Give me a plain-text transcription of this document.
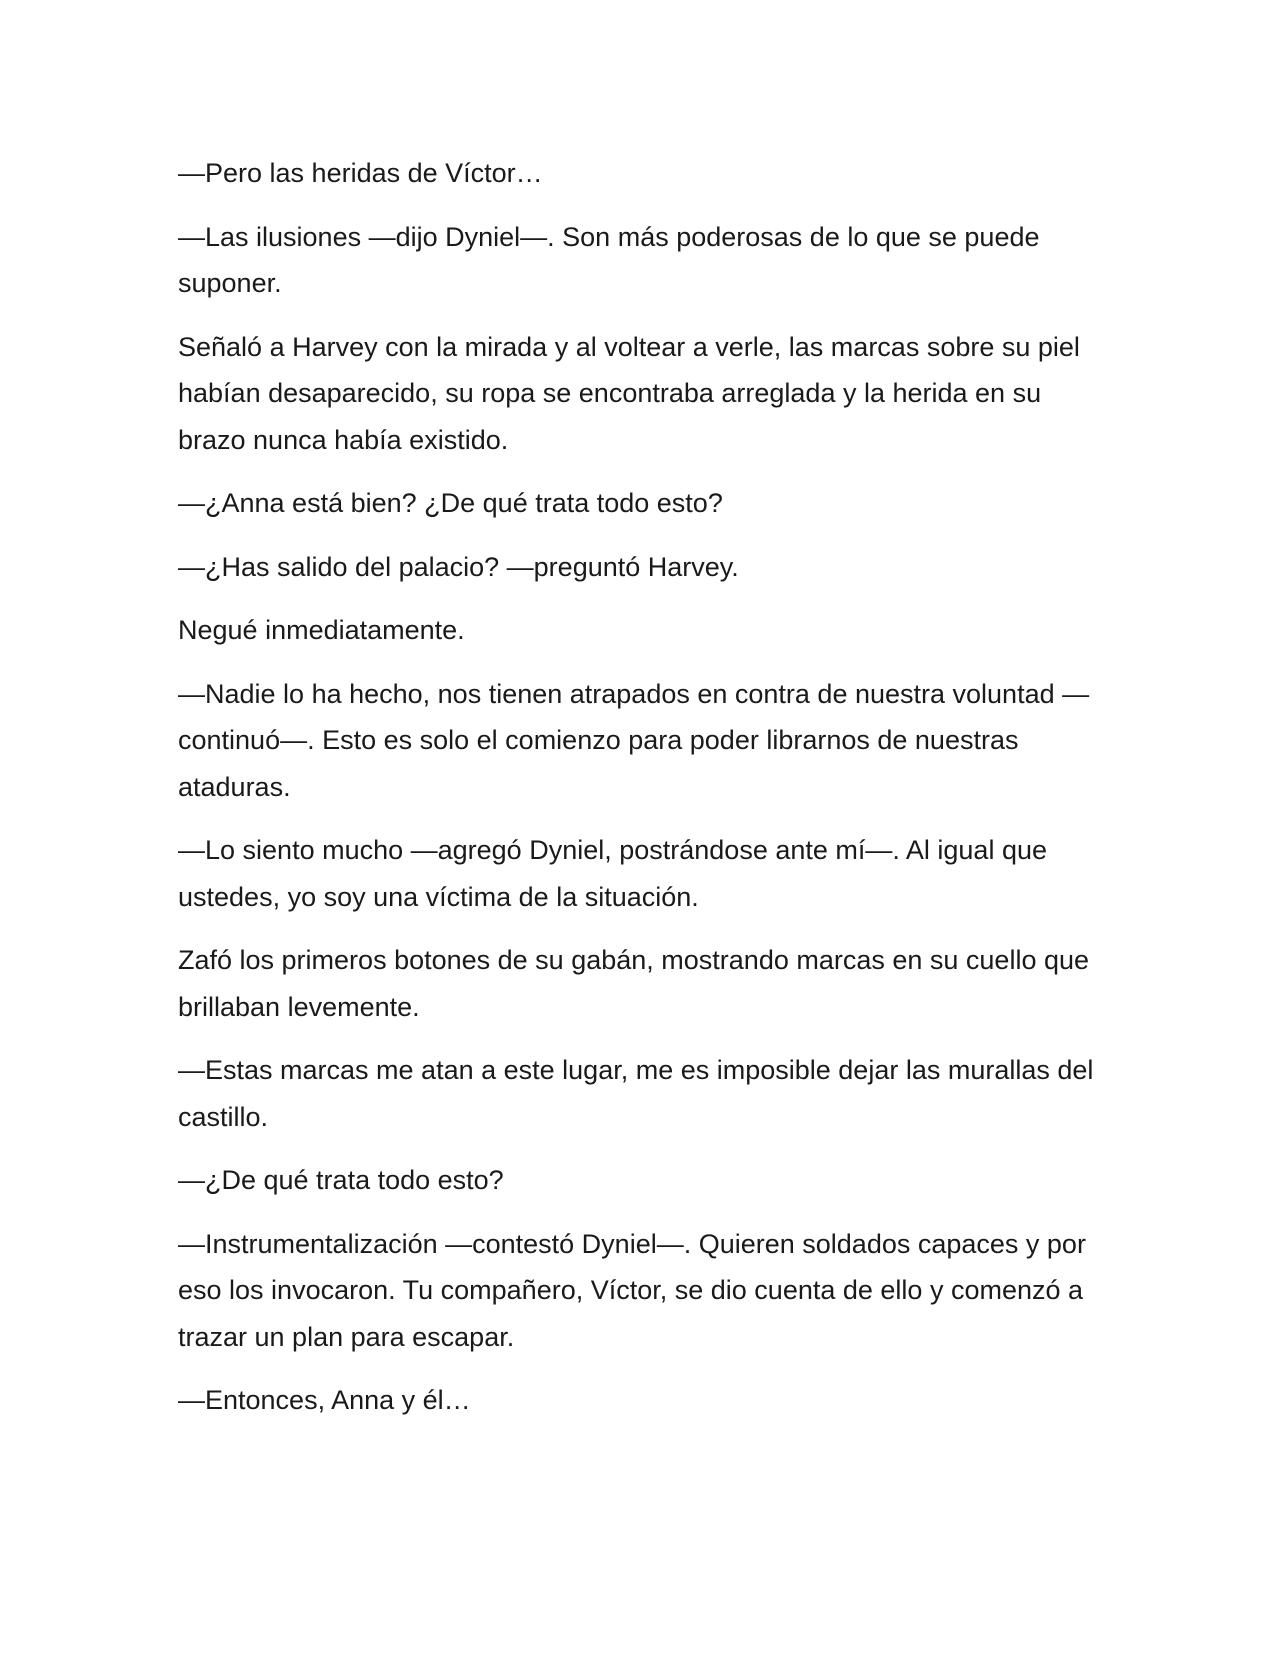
—Pero las heridas de Víctor…

—Las ilusiones —dijo Dyniel—. Son más poderosas de lo que se puede suponer.

Señaló a Harvey con la mirada y al voltear a verle, las marcas sobre su piel habían desaparecido, su ropa se encontraba arreglada y la herida en su brazo nunca había existido.

—¿Anna está bien? ¿De qué trata todo esto?

—¿Has salido del palacio? —preguntó Harvey.

Negué inmediatamente.

—Nadie lo ha hecho, nos tienen atrapados en contra de nuestra voluntad —continuó—. Esto es solo el comienzo para poder librarnos de nuestras ataduras.

—Lo siento mucho —agregó Dyniel, postrándose ante mí—. Al igual que ustedes, yo soy una víctima de la situación.

Zafó los primeros botones de su gabán, mostrando marcas en su cuello que brillaban levemente.

—Estas marcas me atan a este lugar, me es imposible dejar las murallas del castillo.

—¿De qué trata todo esto?

—Instrumentalización —contestó Dyniel—. Quieren soldados capaces y por eso los invocaron. Tu compañero, Víctor, se dio cuenta de ello y comenzó a trazar un plan para escapar.

—Entonces, Anna y él…
